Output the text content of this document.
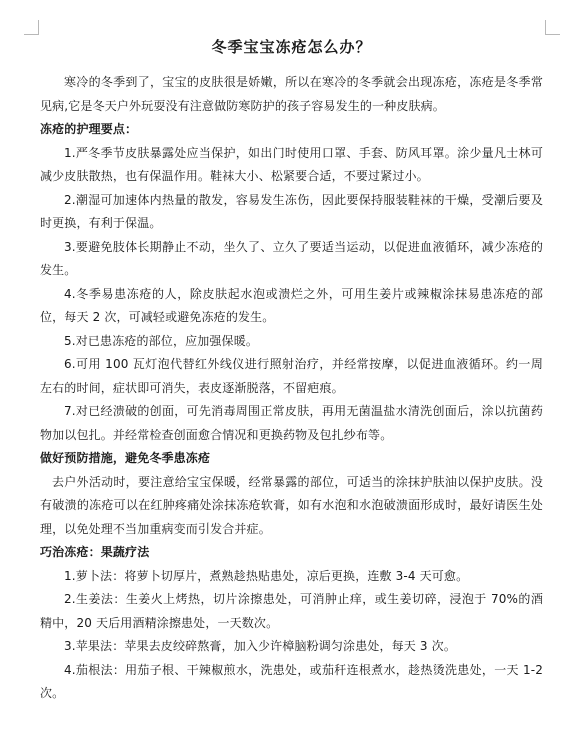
冬季宝宝冻疮怎么办？

寒冷的冬季到了，宝宝的皮肤很是娇嫩，所以在寒冷的冬季就会出现冻疮，冻疮是冬季常见病,它是冬天户外玩耍没有注意做防寒防护的孩子容易发生的一种皮肤病。

冻疮的护理要点：

1.严冬季节皮肤暴露处应当保护，如出门时使用口罩、手套、防风耳罩。涂少量凡士林可减少皮肤散热，也有保温作用。鞋袜大小、松紧要合适，不要过紧过小。

2.潮湿可加速体内热量的散发，容易发生冻伤，因此要保持服装鞋袜的干燥，受潮后要及时更换，有利于保温。

3.要避免肢体长期静止不动，坐久了、立久了要适当运动，以促进血液循环，减少冻疮的发生。

4.冬季易患冻疮的人，除皮肤起水泡或溃烂之外，可用生姜片或辣椒涂抹易患冻疮的部位，每天 2 次，可减轻或避免冻疮的发生。

5.对已患冻疮的部位，应加强保暖。

6.可用 100 瓦灯泡代替红外线仪进行照射治疗，并经常按摩，以促进血液循环。约一周左右的时间，症状即可消失，表皮逐渐脱落，不留疤痕。

7.对已经溃破的创面，可先消毒周围正常皮肤，再用无菌温盐水清洗创面后，涂以抗菌药物加以包扎。并经常检查创面愈合情况和更换药物及包扎纱布等。

做好预防措施，避免冬季患冻疮

去户外活动时，要注意给宝宝保暖，经常暴露的部位，可适当的涂抹护肤油以保护皮肤。没有破溃的冻疮可以在红肿疼痛处涂抹冻疮软膏，如有水泡和水泡破溃面形成时，最好请医生处理，以免处理不当加重病变而引发合并症。

巧治冻疮：果蔬疗法

1.萝卜法：将萝卜切厚片，煮熟趁热贴患处，凉后更换，连敷 3-4 天可愈。

2.生姜法：生姜火上烤热，切片涂擦患处，可消肿止痒，或生姜切碎，浸泡于 70%的酒精中，20 天后用酒精涂擦患处，一天数次。

3.苹果法：苹果去皮绞碎熬膏，加入少许樟脑粉调匀涂患处，每天 3 次。

4.茄根法：用茄子根、干辣椒煎水，洗患处，或茄秆连根煮水，趁热烫洗患处，一天 1-2 次。
